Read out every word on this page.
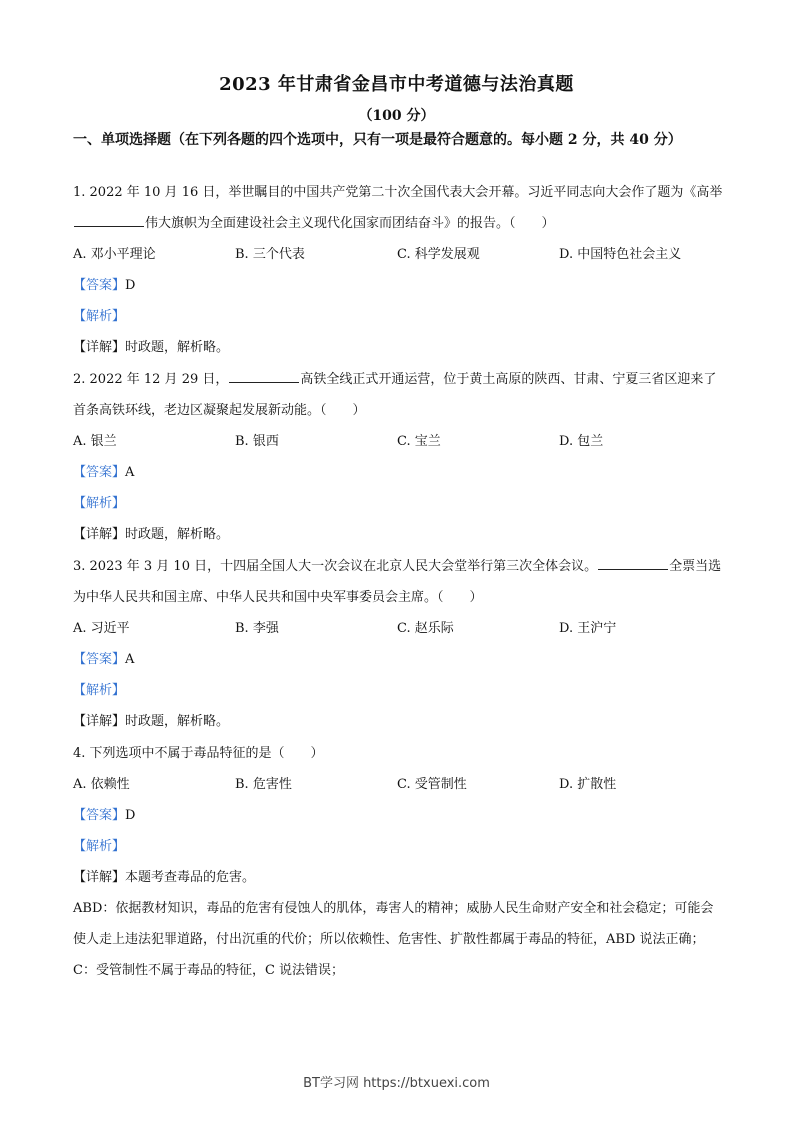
2023 年甘肃省金昌市中考道德与法治真题
（100 分）
一、单项选择题（在下列各题的四个选项中，只有一项是最符合题意的。每小题 2 分，共 40 分）
1. 2022 年 10 月 16 日，举世瞩目的中国共产党第二十次全国代表大会开幕。习近平同志向大会作了题为《高举
伟大旗帜为全面建设社会主义现代化国家而团结奋斗》的报告。（　　）
A. 邓小平理论	B. 三个代表	C. 科学发展观	D. 中国特色社会主义
【答案】D
【解析】
【详解】时政题，解析略。
2. 2022 年 12 月 29 日，	高铁全线正式开通运营，位于黄土高原的陕西、甘肃、宁夏三省区迎来了首条高铁环线，老边区凝聚起发展新动能。（　　）
A. 银兰	B. 银西	C. 宝兰	D. 包兰
【答案】A
【解析】
【详解】时政题，解析略。
3. 2023 年 3 月 10 日，十四届全国人大一次会议在北京人民大会堂举行第三次全体会议。	全票当选为中华人民共和国主席、中华人民共和国中央军事委员会主席。（　　）
A. 习近平	B. 李强	C. 赵乐际	D. 王沪宁
【答案】A
【解析】
【详解】时政题，解析略。
4. 下列选项中不属于毒品特征的是（　　）
A. 依赖性	B. 危害性	C. 受管制性	D. 扩散性
【答案】D
【解析】
【详解】本题考查毒品的危害。
ABD：依据教材知识，毒品的危害有侵蚀人的肌体，毒害人的精神；威胁人民生命财产安全和社会稳定；可能会使人走上违法犯罪道路，付出沉重的代价；所以依赖性、危害性、扩散性都属于毒品的特征，ABD 说法正确；
C：受管制性不属于毒品的特征，C 说法错误；
BT学习网 https://btxuexi.com
